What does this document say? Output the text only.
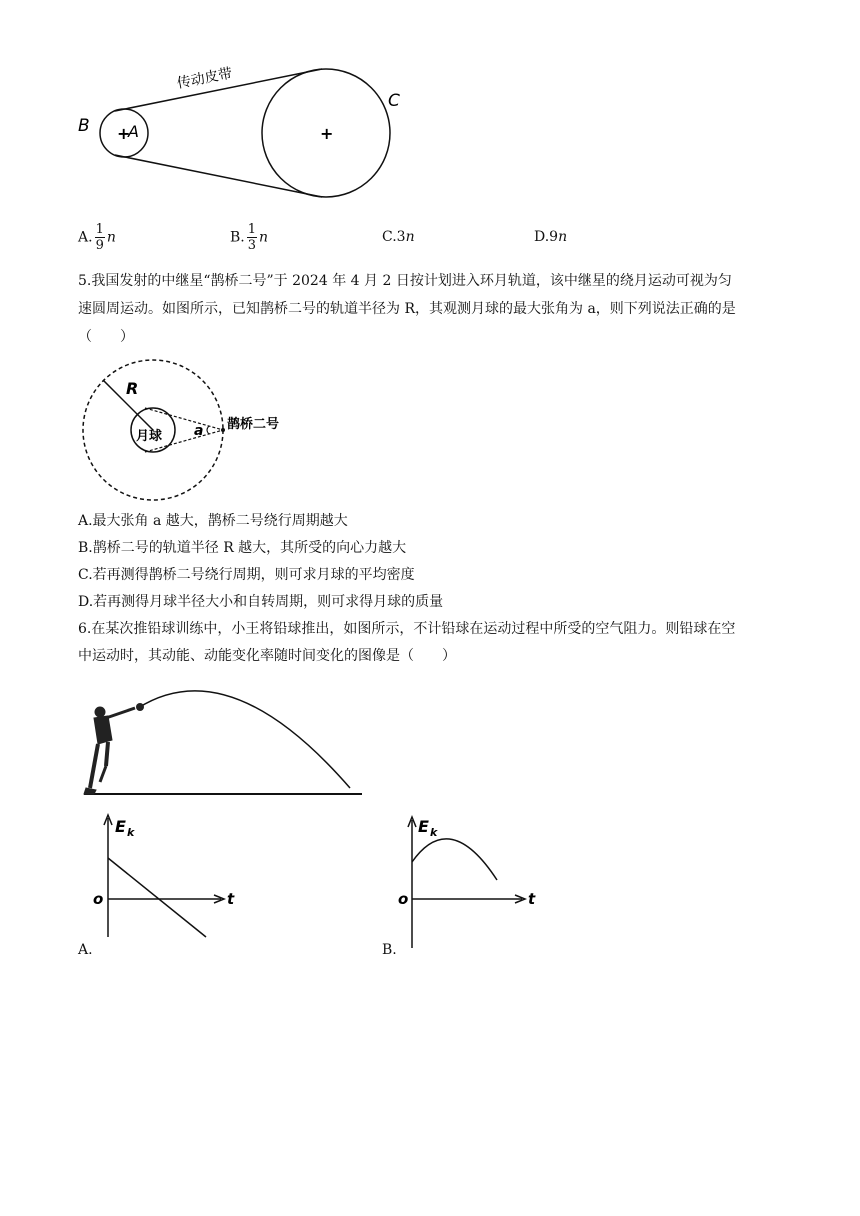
+
A
B	+
C
传动皮带
A. $\frac{1}{9}$ n	B. $\frac{1}{3}$ n	C.3n	D.9n
5.我国发射的中继星“鹊桥二号”于 2024 年 4 月 2 日按计划进入环月轨道，该中继星的绕月运动可视为匀
速圆周运动。如图所示，已知鹊桥二号的轨道半径为 R，其观测月球的最大张角为 a，则下列说法正确的是
（　　）
R
月球 a 鹊桥二号
A.最大张角 a 越大，鹊桥二号绕行周期越大
B.鹊桥二号的轨道半径 R 越大，其所受的向心力越大
C.若再测得鹊桥二号绕行周期，则可求月球的平均密度
D.若再测得月球半径大小和自转周期，则可求得月球的质量
6.在某次推铅球训练中，小王将铅球推出，如图所示，不计铅球在运动过程中所受的空气阻力。则铅球在空
中运动时，其动能、动能变化率随时间变化的图像是（　　）
E k
t
o
A.
E k
t
o
B.
